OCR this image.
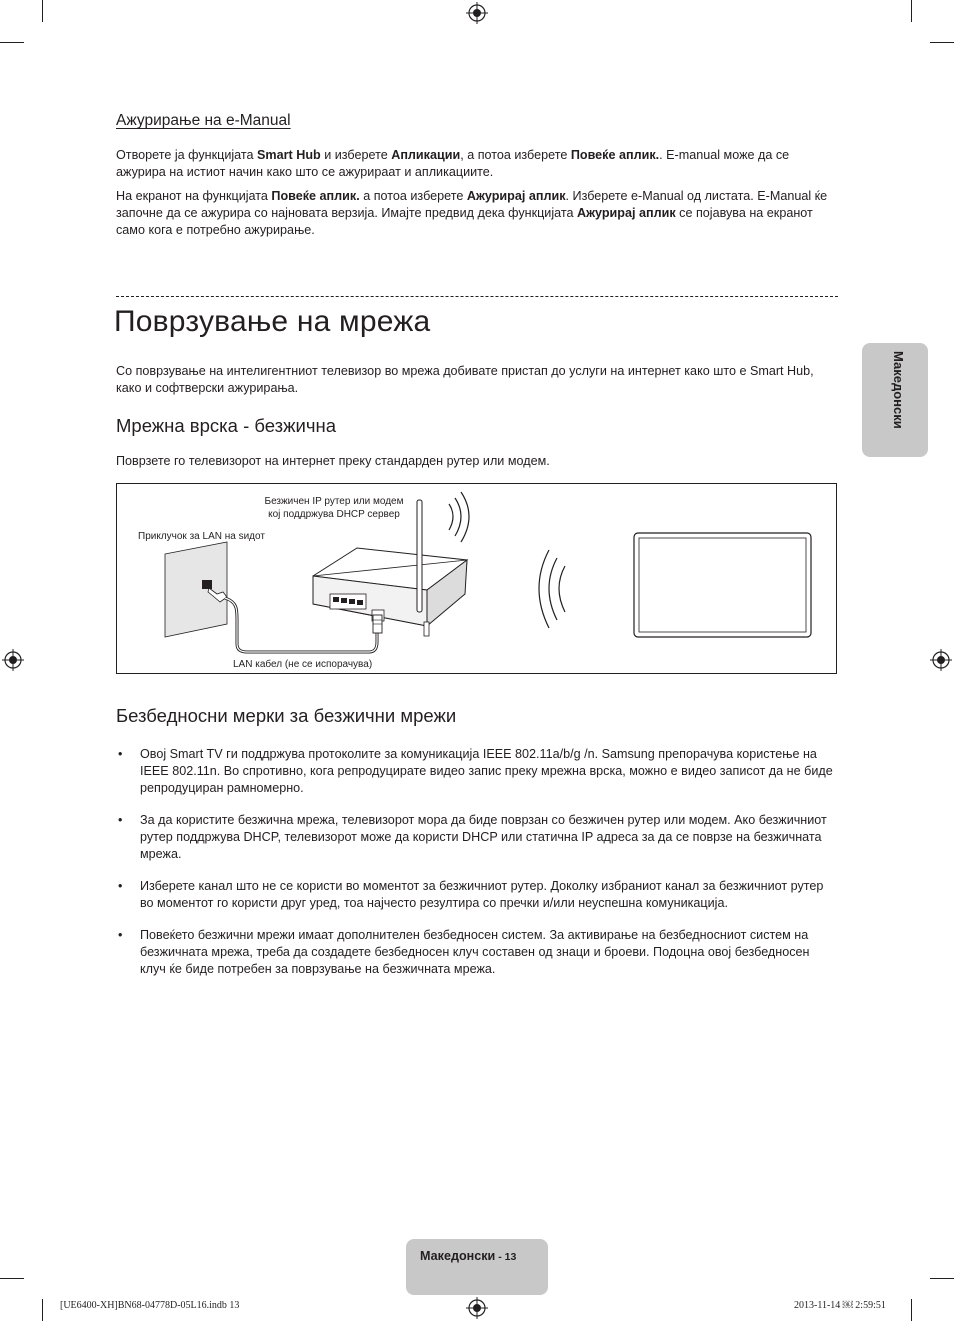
Ажурирање на e-Manual

Отворете ја функцијата Smart Hub и изберете Апликации, а потоа изберете Повеќе аплик.. E-manual може да се ажурира на истиот начин како што се ажурираат и апликациите.

На екранот на функцијата Повеќе аплик. а потоа изберете Ажурирај аплик. Изберете e-Manual од листата. E-Manual ќе започне да се ажурира со најновата верзија. Имајте предвид дека функцијата Ажурирај аплик се појавува на екранот само кога е потребно ажурирање.

Поврзување на мрежа

Со поврзување на интелигентниот телевизор во мрежа добивате пристап до услуги на интернет како што е Smart Hub, како и софтверски ажурирања.

Мрежна врска - безжична

Поврзете го телевизорот на интернет преку стандарден рутер или модем.

Безжичен IP рутер или модем
кој поддржува DHCP сервер
Приклучок за LAN на ѕидот
LAN кабел (не се испорачува)
Безбедносни мерки за безжични мрежи
• Овој Smart TV ги поддржува протоколите за комуникација IEEE 802.11a/b/g /n. Samsung препорачува користење на IEEE 802.11n. Во спротивно, кога репродуцирате видео запис преку мрежна врска, можно е видео записот да не биде репродуциран рамномерно.
• За да користите безжична мрежа, телевизорот мора да биде поврзан со безжичен рутер или модем. Ако безжичниот рутер поддржува DHCP, телевизорот може да користи DHCP или статична IP адреса за да се поврзе на безжичната мрежа.
• Изберете канал што не се користи во моментот за безжичниот рутер. Доколку избраниот канал за безжичниот рутер во моментот го користи друг уред, тоа најчесто резултира со пречки и/или неуспешна комуникација.
• Повеќето безжични мрежи имаат дополнителен безбедносен систем. За активирање на безбедносниот систем на безжичната мрежа, треба да создадете безбедносен клуч составен од знаци и броеви. Подоцна овој безбедносен клуч ќе биде потребен за поврзување на безжичната мрежа.
Македонски
Македонски - 13
[UE6400-XH]BN68-04778D-05L16.indb 13	2013-11-14 ￼ 2:59:51
